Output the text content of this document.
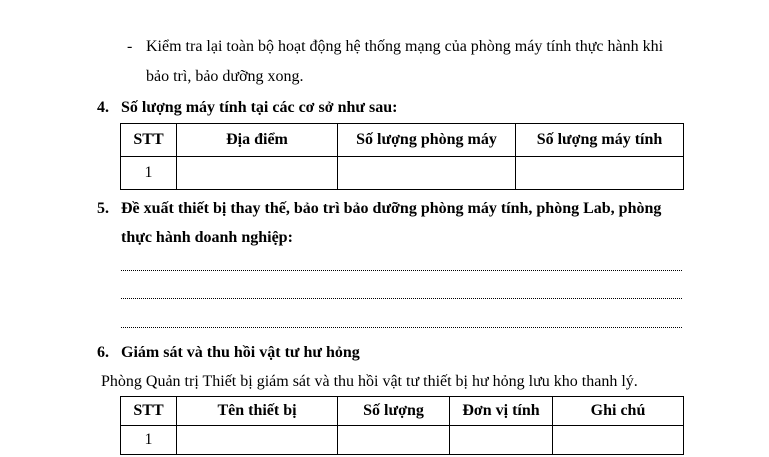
- Kiểm tra lại toàn bộ hoạt động hệ thống mạng của phòng máy tính thực hành khi
bảo trì, bảo dưỡng xong.
4. Số lượng máy tính tại các cơ sở như sau:
STT	Địa điểm	Số lượng phòng máy	Số lượng máy tính
1			
5. Đề xuất thiết bị thay thế, bảo trì bảo dưỡng phòng máy tính, phòng Lab, phòng
thực hành doanh nghiệp:
6. Giám sát và thu hồi vật tư hư hỏng
Phòng Quản trị Thiết bị giám sát và thu hồi vật tư thiết bị hư hỏng lưu kho thanh lý.
STT	Tên thiết bị	Số lượng	Đơn vị tính	Ghi chú
1				
